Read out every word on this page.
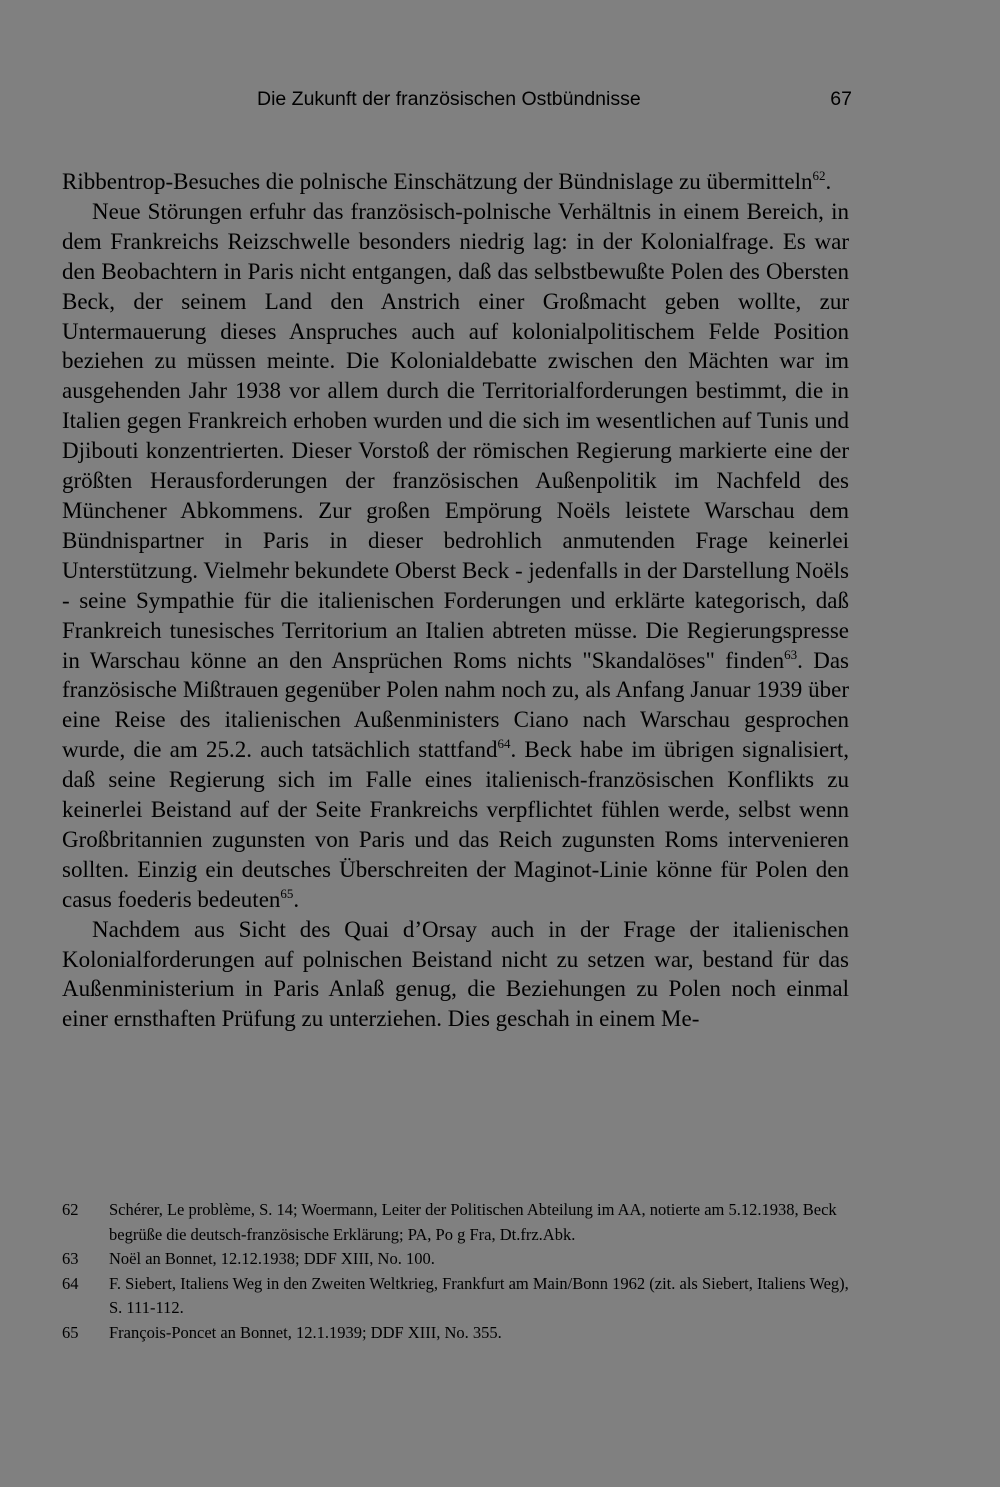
Die Zukunft der französischen Ostbündnisse	67

Ribbentrop-Besuches die polnische Einschätzung der Bündnislage zu übermitteln$^{62}$.

Neue Störungen erfuhr das französisch-polnische Verhältnis in einem Bereich, in dem Frankreichs Reizschwelle besonders niedrig lag: in der Kolonialfrage. Es war den Beobachtern in Paris nicht entgangen, daß das selbstbewußte Polen des Obersten Beck, der seinem Land den Anstrich einer Großmacht geben wollte, zur Untermauerung dieses Anspruches auch auf kolonialpolitischem Felde Position beziehen zu müssen meinte. Die Kolonialdebatte zwischen den Mächten war im ausgehenden Jahr 1938 vor allem durch die Territorialforderungen bestimmt, die in Italien gegen Frankreich erhoben wurden und die sich im wesentlichen auf Tunis und Djibouti konzentrierten. Dieser Vorstoß der römischen Regierung markierte eine der größten Herausforderungen der französischen Außenpolitik im Nachfeld des Münchener Abkommens. Zur großen Empörung Noëls leistete Warschau dem Bündnispartner in Paris in dieser bedrohlich anmutenden Frage keinerlei Unterstützung. Vielmehr bekundete Oberst Beck - jedenfalls in der Darstellung Noëls - seine Sympathie für die italienischen Forderungen und erklärte kategorisch, daß Frankreich tunesisches Territorium an Italien abtreten müsse. Die Regierungspresse in Warschau könne an den Ansprüchen Roms nichts "Skandalöses" finden$^{63}$. Das französische Mißtrauen gegenüber Polen nahm noch zu, als Anfang Januar 1939 über eine Reise des italienischen Außenministers Ciano nach Warschau gesprochen wurde, die am 25.2. auch tatsächlich stattfand$^{64}$. Beck habe im übrigen signalisiert, daß seine Regierung sich im Falle eines italienisch-französischen Konflikts zu keinerlei Beistand auf der Seite Frankreichs verpflichtet fühlen werde, selbst wenn Großbritannien zugunsten von Paris und das Reich zugunsten Roms intervenieren sollten. Einzig ein deutsches Überschreiten der Maginot-Linie könne für Polen den casus foederis bedeuten$^{65}$.

Nachdem aus Sicht des Quai d’Orsay auch in der Frage der italienischen Kolonialforderungen auf polnischen Beistand nicht zu setzen war, bestand für das Außenministerium in Paris Anlaß genug, die Beziehungen zu Polen noch einmal einer ernsthaften Prüfung zu unterziehen. Dies geschah in einem Me-

62	Schérer, Le problème, S. 14; Woermann, Leiter der Politischen Abteilung im AA, notierte am 5.12.1938, Beck begrüße die deutsch-französische Erklärung; PA, Po g Fra, Dt.frz.Abk.
63	Noël an Bonnet, 12.12.1938; DDF XIII, No. 100.
64	F. Siebert, Italiens Weg in den Zweiten Weltkrieg, Frankfurt am Main/Bonn 1962 (zit. als Siebert, Italiens Weg), S. 111-112.
65	François-Poncet an Bonnet, 12.1.1939; DDF XIII, No. 355.
